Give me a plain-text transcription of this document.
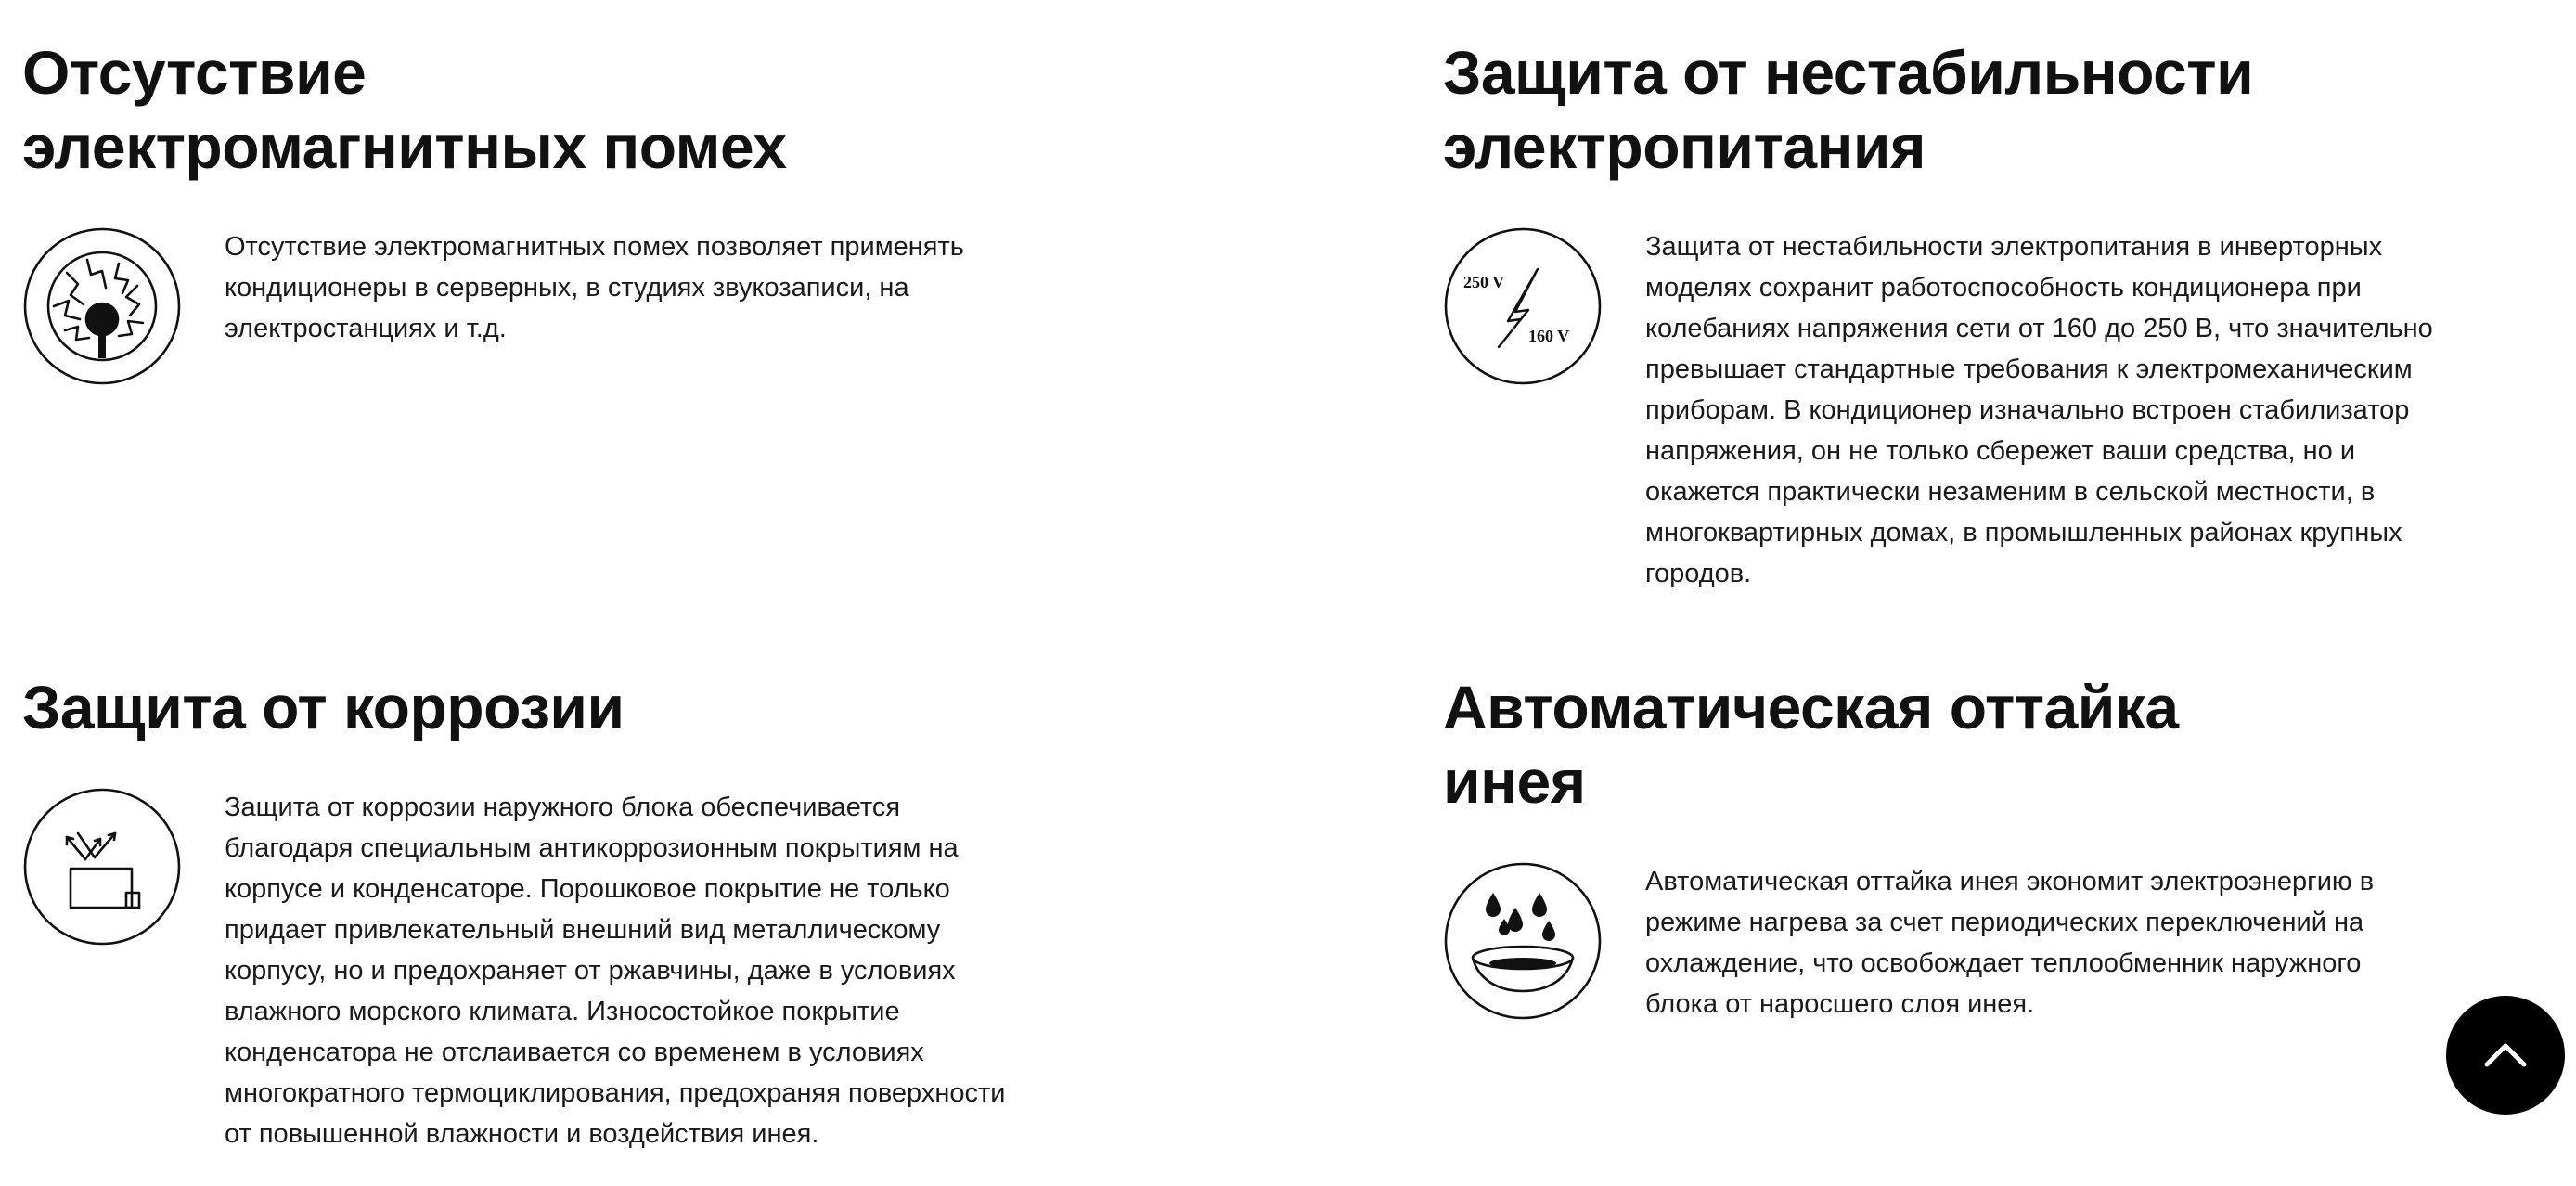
Отсутствие
электромагнитных помех

Отсутствие электромагнитных помех позволяет применять
кондиционеры в серверных, в студиях звукозаписи, на
электростанциях и т.д.

Защита от нестабильности
электропитания
250 V
160 V

Защита от нестабильности электропитания в инверторных
моделях сохранит работоспособность кондиционера при
колебаниях напряжения сети от 160 до 250 В, что значительно
превышает стандартные требования к электромеханическим
приборам. В кондиционер изначально встроен стабилизатор
напряжения, он не только сбережет ваши средства, но и
окажется практически незаменим в сельской местности, в
многоквартирных домах, в промышленных районах крупных
городов.

Защита от коррозии

Защита от коррозии наружного блока обеспечивается
благодаря специальным антикоррозионным покрытиям на
корпусе и конденсаторе. Порошковое покрытие не только
придает привлекательный внешний вид металлическому
корпусу, но и предохраняет от ржавчины, даже в условиях
влажного морского климата. Износостойкое покрытие
конденсатора не отслаивается со временем в условиях
многократного термоциклирования, предохраняя поверхности
от повышенной влажности и воздействия инея.

Автоматическая оттайка
инея

Автоматическая оттайка инея экономит электроэнергию в
режиме нагрева за счет периодических переключений на
охлаждение, что освобождает теплообменник наружного
блока от наросшего слоя инея.
